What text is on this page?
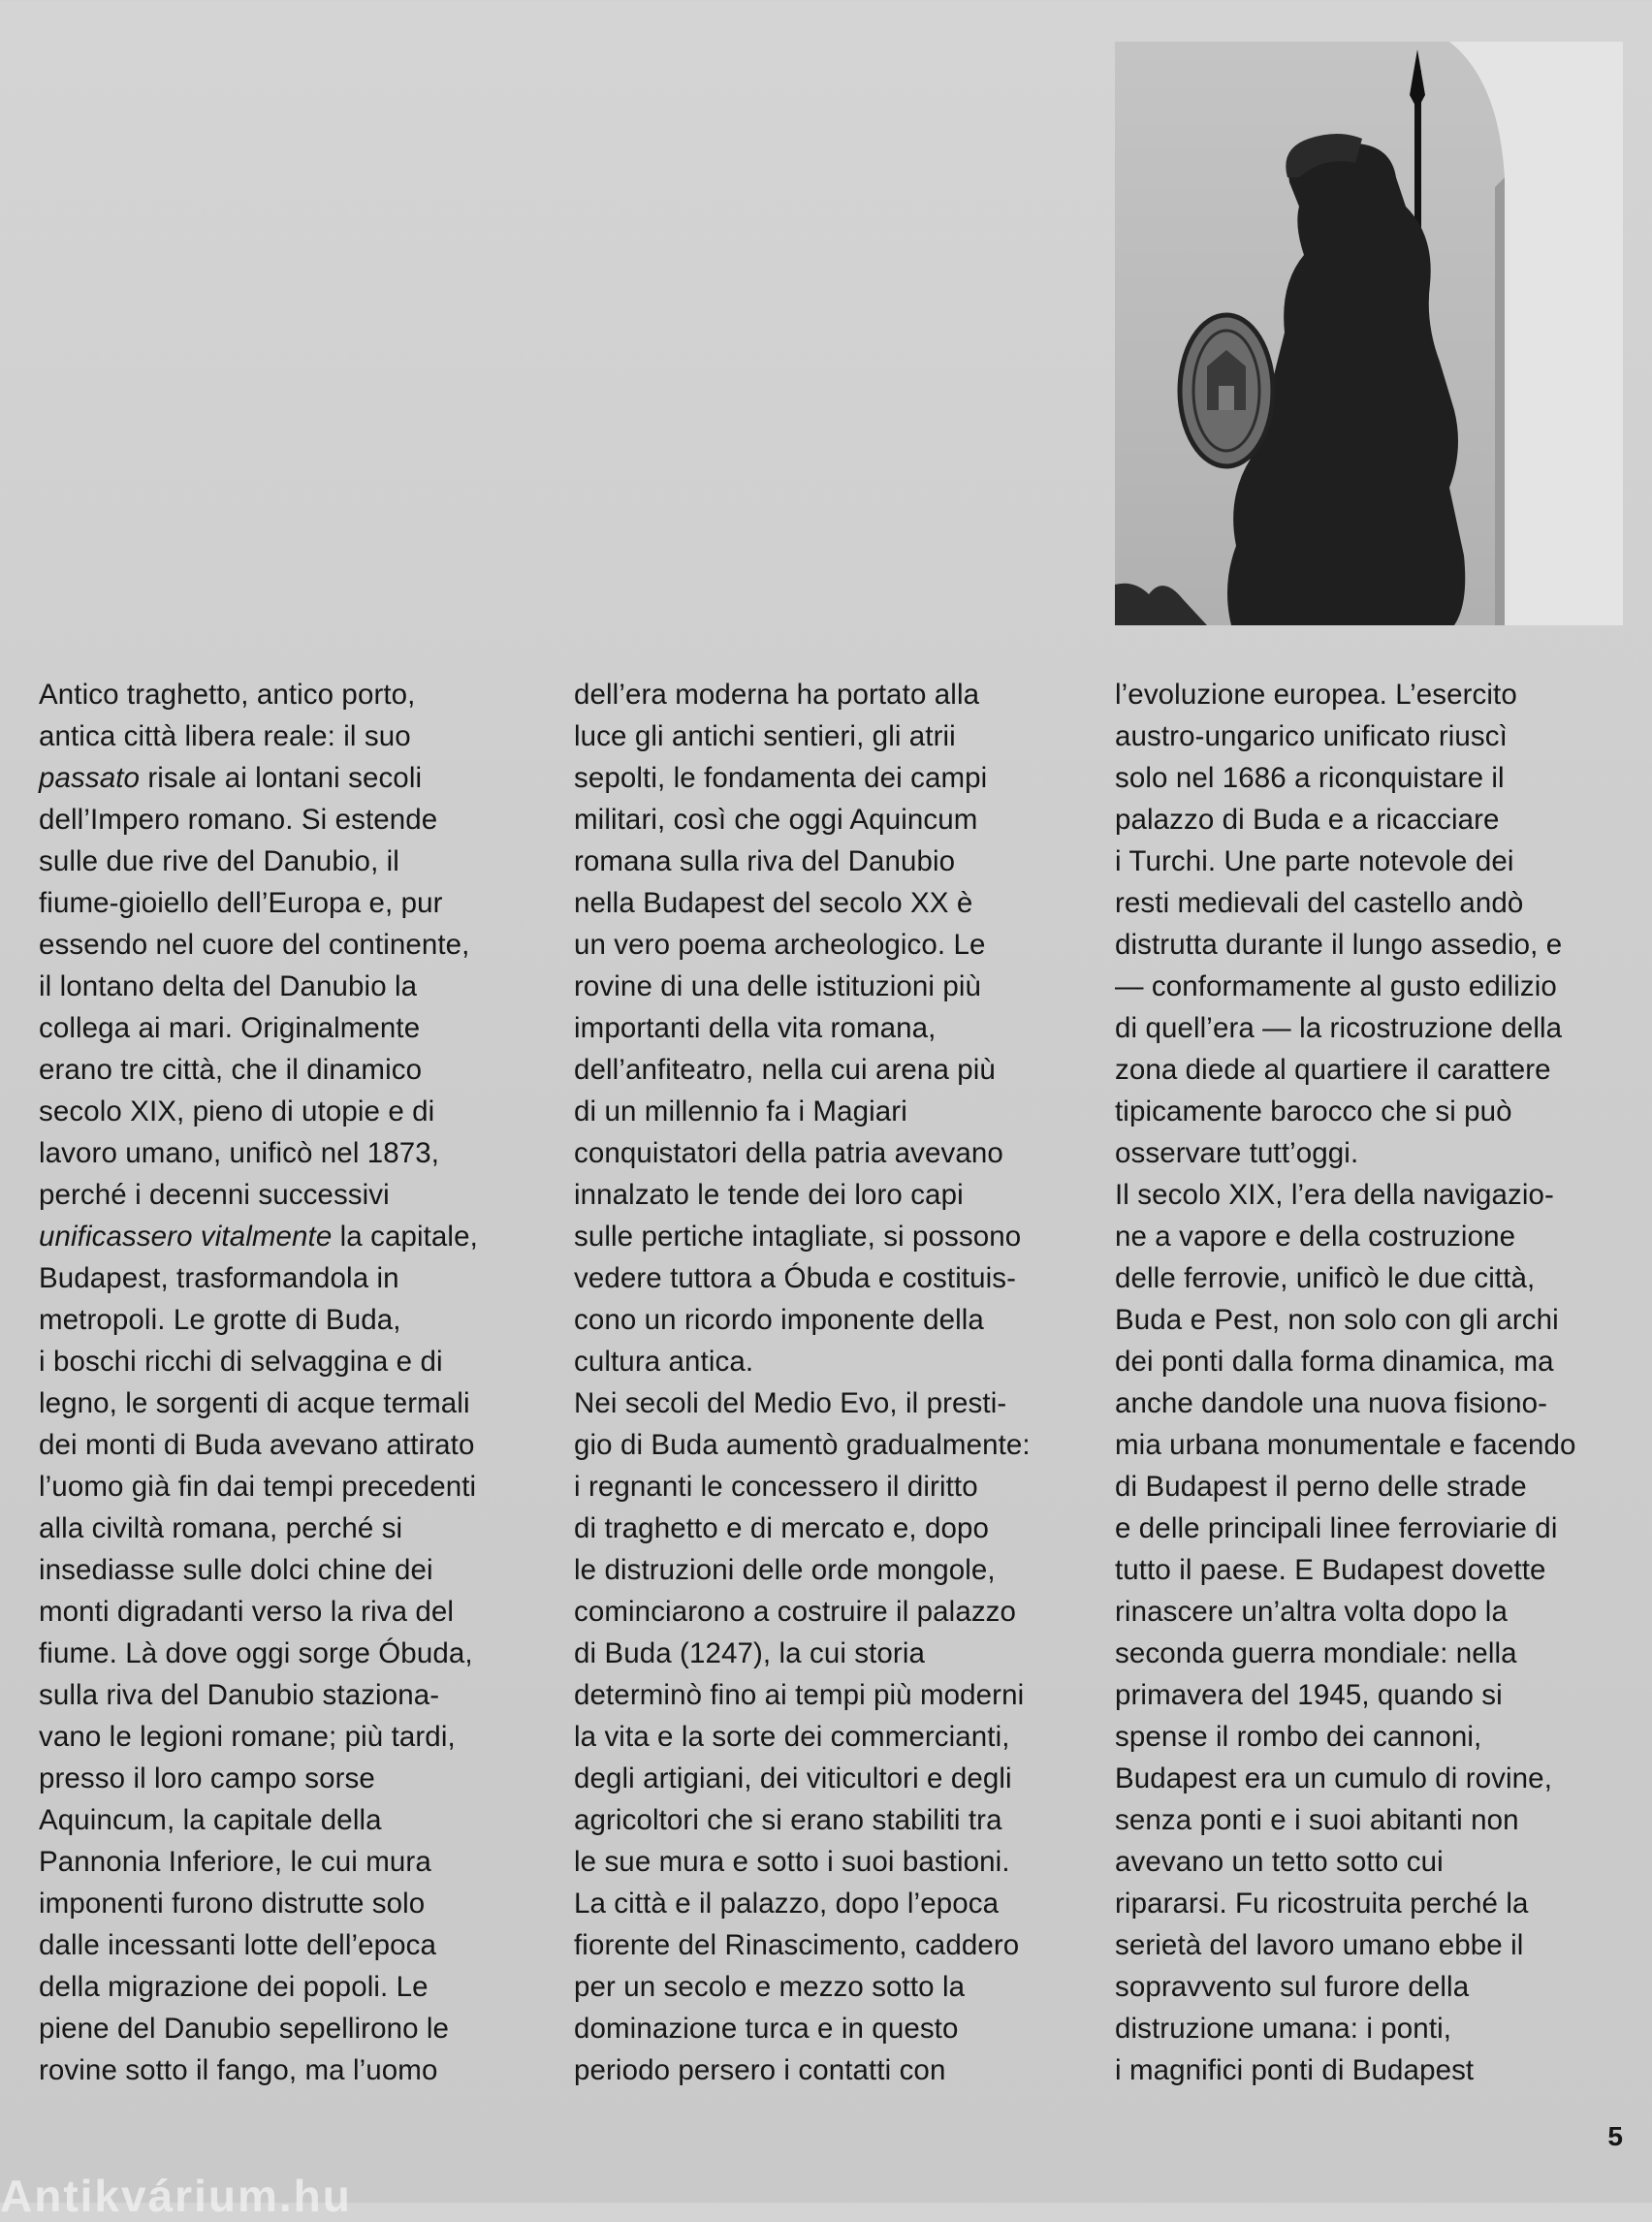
Antico traghetto, antico porto,
antica città libera reale: il suo
passato risale ai lontani secoli
dell’Impero romano. Si estende
sulle due rive del Danubio, il
fiume-gioiello dell’Europa e, pur
essendo nel cuore del continente,
il lontano delta del Danubio la
collega ai mari. Originalmente
erano tre città, che il dinamico
secolo XIX, pieno di utopie e di
lavoro umano, unificò nel 1873,
perché i decenni successivi
unificassero vitalmente la capitale,
Budapest, trasformandola in
metropoli. Le grotte di Buda,
i boschi ricchi di selvaggina e di
legno, le sorgenti di acque termali
dei monti di Buda avevano attirato
l’uomo già fin dai tempi precedenti
alla civiltà romana, perché si
insediasse sulle dolci chine dei
monti digradanti verso la riva del
fiume. Là dove oggi sorge Óbuda,
sulla riva del Danubio staziona-
vano le legioni romane; più tardi,
presso il loro campo sorse
Aquincum, la capitale della
Pannonia Inferiore, le cui mura
imponenti furono distrutte solo
dalle incessanti lotte dell’epoca
della migrazione dei popoli. Le
piene del Danubio sepellirono le
rovine sotto il fango, ma l’uomo

dell’era moderna ha portato alla
luce gli antichi sentieri, gli atrii
sepolti, le fondamenta dei campi
militari, così che oggi Aquincum
romana sulla riva del Danubio
nella Budapest del secolo XX è
un vero poema archeologico. Le
rovine di una delle istituzioni più
importanti della vita romana,
dell’anfiteatro, nella cui arena più
di un millennio fa i Magiari
conquistatori della patria avevano
innalzato le tende dei loro capi
sulle pertiche intagliate, si possono
vedere tuttora a Óbuda e costituis-
cono un ricordo imponente della
cultura antica.

Nei secoli del Medio Evo, il presti-
gio di Buda aumentò gradualmente:
i regnanti le concessero il diritto
di traghetto e di mercato e, dopo
le distruzioni delle orde mongole,
cominciarono a costruire il palazzo
di Buda (1247), la cui storia
determinò fino ai tempi più moderni
la vita e la sorte dei commercianti,
degli artigiani, dei viticultori e degli
agricoltori che si erano stabiliti tra
le sue mura e sotto i suoi bastioni.
La città e il palazzo, dopo l’epoca
fiorente del Rinascimento, caddero
per un secolo e mezzo sotto la
dominazione turca e in questo
periodo persero i contatti con

l’evoluzione europea. L’esercito
austro-ungarico unificato riuscì
solo nel 1686 a riconquistare il
palazzo di Buda e a ricacciare
i Turchi. Une parte notevole dei
resti medievali del castello andò
distrutta durante il lungo assedio, e
— conformamente al gusto edilizio
di quell’era — la ricostruzione della
zona diede al quartiere il carattere
tipicamente barocco che si può
osservare tutt’oggi.

Il secolo XIX, l’era della navigazio-
ne a vapore e della costruzione
delle ferrovie, unificò le due città,
Buda e Pest, non solo con gli archi
dei ponti dalla forma dinamica, ma
anche dandole una nuova fisiono-
mia urbana monumentale e facendo
di Budapest il perno delle strade
e delle principali linee ferroviarie di
tutto il paese. E Budapest dovette
rinascere un’altra volta dopo la
seconda guerra mondiale: nella
primavera del 1945, quando si
spense il rombo dei cannoni,
Budapest era un cumulo di rovine,
senza ponti e i suoi abitanti non
avevano un tetto sotto cui
ripararsi. Fu ricostruita perché la
serietà del lavoro umano ebbe il
sopravvento sul furore della
distruzione umana: i ponti,
i magnifici ponti di Budapest

5
Antikvárium.hu
